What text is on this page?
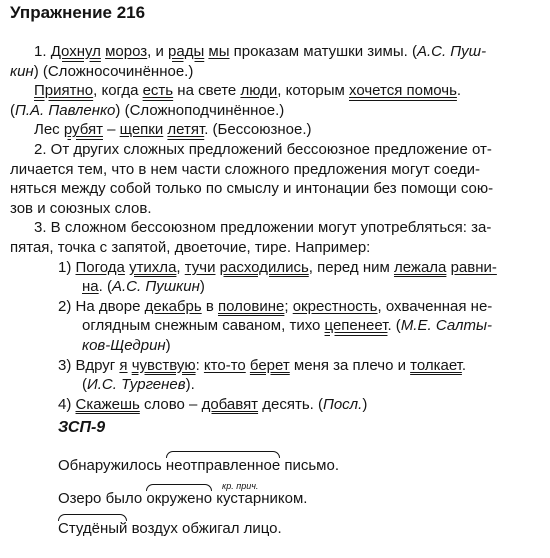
Упражнение 216
1. Дохнул мороз, и рады мы проказам матушки зимы. (А.С. Пуш-
кин) (Сложносочинённое.)
Приятно, когда есть на свете люди, которым хочется помочь.
(П.А. Павленко) (Сложноподчинённое.)
Лес рубят – щепки летят. (Бессоюзное.)
2. От других сложных предложений бессоюзное предложение от-
личается тем, что в нем части сложного предложения могут соеди-
няться между собой только по смыслу и интонации без помощи сою-
зов и союзных слов.
3. В сложном бессоюзном предложении могут употребляться: за-
пятая, точка с запятой, двоеточие, тире. Например:
1) Погода утихла, тучи расходились, перед ним лежала равни-
на. (А.С. Пушкин)
2) На дворе декабрь в половине; окрестность, охваченная не-
оглядным снежным саваном, тихо цепенеет. (М.Е. Салты-
ков-Щедрин)
3) Вдруг я чувствую: кто-то берет меня за плечо и толкает.
(И.С. Тургенев).
4) Скажешь слово – добавят десять. (Посл.)
ЗСП-9
Обнаружилось неотправленное письмо.
кр. прич.
Озеро было окружено кустарником.
Студёный воздух обжигал лицо.
